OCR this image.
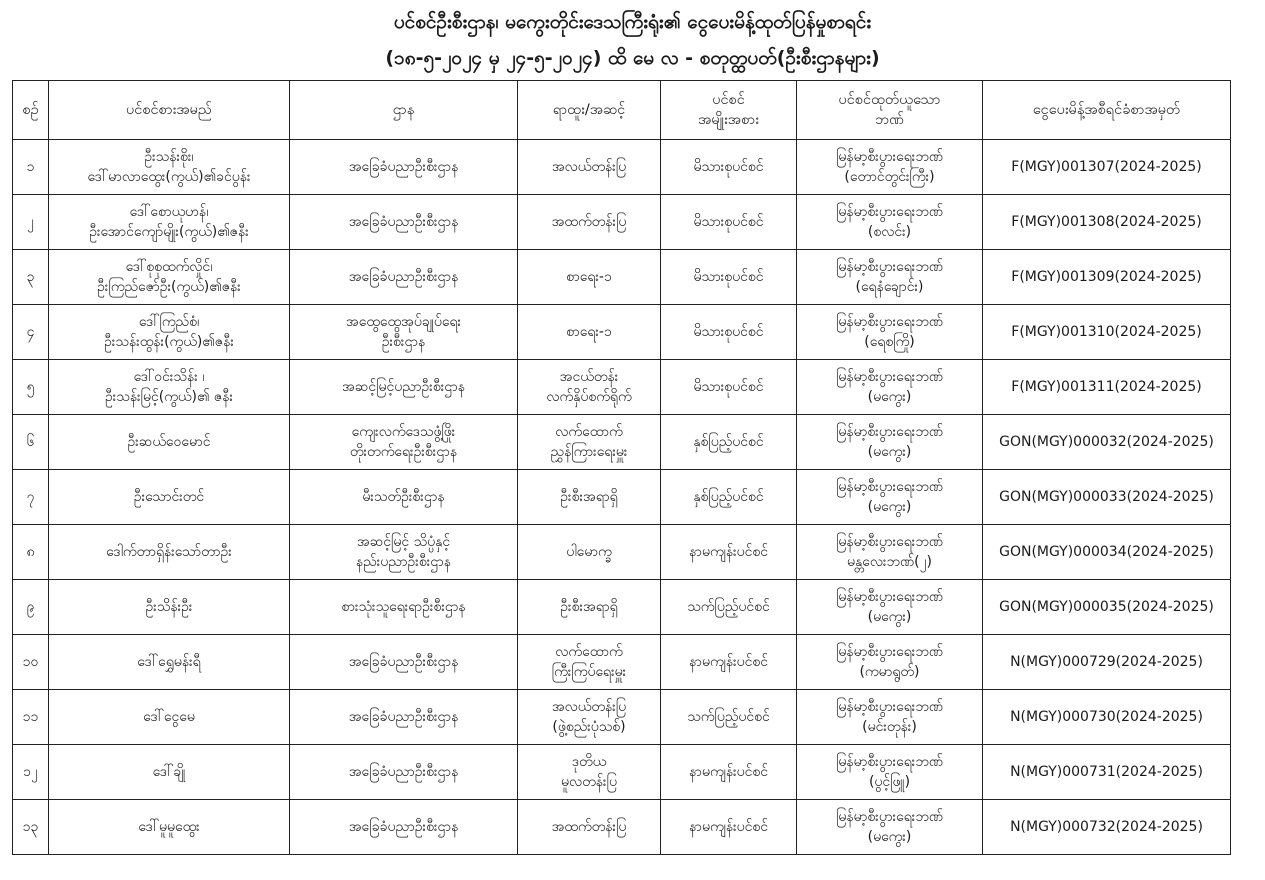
ပင်စင်ဦးစီးဌာန၊ မကွေးတိုင်းဒေသကြီးရုံး၏ ငွေပေးမိန့်ထုတ်ပြန်မှုစာရင်း
(၁၈-၅-၂၀၂၄ မှ ၂၄-၅-၂၀၂၄) ထိ မေ လ - စတုတ္ထပတ်(ဦးစီးဌာနများ)
စဉ်	ပင်စင်စားအမည်	ဌာန	ရာထူး/အဆင့်	ပင်စင်
အမျိုးအစား	ပင်စင်ထုတ်ယူသော
ဘဏ်	ငွေပေးမိန့်အစီရင်ခံစာအမှတ်

၁	ဦးသန်းစိုး၊
ဒေါ်မာလာထွေး(ကွယ်)၏ခင်ပွန်း	အခြေခံပညာဦးစီးဌာန	အလယ်တန်းပြ	မိသားစုပင်စင်	မြန်မာ့စီးပွားရေးဘဏ်
(တောင်တွင်းကြီး)	F(MGY)001307(2024-2025)

၂	ဒေါ်စောယုဟန်၊
ဦးအောင်ကျော်မျိုး(ကွယ်)၏ဇနီး	အခြေခံပညာဦးစီးဌာန	အထက်တန်းပြ	မိသားစုပင်စင်	မြန်မာ့စီးပွားရေးဘဏ်
(စလင်း)	F(MGY)001308(2024-2025)

၃	ဒေါ်စုစုထက်လှိုင်၊
ဦးကြည်ဇော်ဦး(ကွယ်)၏ဇနီး	အခြေခံပညာဦးစီးဌာန	စာရေး-၁	မိသားစုပင်စင်	မြန်မာ့စီးပွားရေးဘဏ်
(ရေနံချောင်း)	F(MGY)001309(2024-2025)

၄	ဒေါ်ကြည်စံ၊
ဦးသန်းထွန်း(ကွယ်)၏ဇနီး	အထွေထွေအုပ်ချုပ်ရေး
ဦးစီးဌာန	စာရေး-၁	မိသားစုပင်စင်	မြန်မာ့စီးပွားရေးဘဏ်
(ရေစကြို)	F(MGY)001310(2024-2025)

၅	ဒေါ်ဝင်းသိန်း ၊
ဦးသန်းမြင့်(ကွယ်)၏ ဇနီး	အဆင့်မြင့်ပညာဦးစီးဌာန	အငယ်တန်း
လက်နှိပ်စက်ရိုက်	မိသားစုပင်စင်	မြန်မာ့စီးပွားရေးဘဏ်
(မကွေး)	F(MGY)001311(2024-2025)

၆	ဦးဆယ်ဝေမောင်	ကျေးလက်ဒေသဖွံ့ဖြိုး
တိုးတက်ရေးဦးစီးဌာန	လက်ထောက်
ညွှန်ကြားရေးမှူး	နှစ်ပြည့်ပင်စင်	မြန်မာ့စီးပွားရေးဘဏ်
(မကွေး)	GON(MGY)000032(2024-2025)

၇	ဦးသောင်းတင်	မီးသတ်ဦးစီးဌာန	ဦးစီးအရာရှိ	နှစ်ပြည့်ပင်စင်	မြန်မာ့စီးပွားရေးဘဏ်
(မကွေး)	GON(MGY)000033(2024-2025)

၈	ဒေါက်တာရှိန်းသော်တာဦး	အဆင့်မြင့် သိပ္ပံနှင့်
နည်းပညာဦးစီးဌာန	ပါမောက္ခ	နာမကျန်းပင်စင်	မြန်မာ့စီးပွားရေးဘဏ်
မန္တလေးဘဏ်(၂)	GON(MGY)000034(2024-2025)

၉	ဦးသိန်းဦး	စားသုံးသူရေးရာဦးစီးဌာန	ဦးစီးအရာရှိ	သက်ပြည့်ပင်စင်	မြန်မာ့စီးပွားရေးဘဏ်
(မကွေး)	GON(MGY)000035(2024-2025)

၁၀	ဒေါ်ရွှေမန်းရီ	အခြေခံပညာဦးစီးဌာန	လက်ထောက်
ကြီးကြပ်ရေးမှူး	နာမကျန်းပင်စင်	မြန်မာ့စီးပွားရေးဘဏ်
(ကမာရွတ်)	N(MGY)000729(2024-2025)

၁၁	ဒေါ်ငွေမေ	အခြေခံပညာဦးစီးဌာန	အလယ်တန်းပြ
(ဖွဲ့စည်းပုံသစ်)	သက်ပြည့်ပင်စင်	မြန်မာ့စီးပွားရေးဘဏ်
(မင်းတုန်း)	N(MGY)000730(2024-2025)

၁၂	ဒေါ်ချို	အခြေခံပညာဦးစီးဌာန	ဒုတိယ
မူလတန်းပြ	နာမကျန်းပင်စင်	မြန်မာ့စီးပွားရေးဘဏ်
(ပွင့်ဖြူ)	N(MGY)000731(2024-2025)

၁၃	ဒေါ်မူမူထွေး	အခြေခံပညာဦးစီးဌာန	အထက်တန်းပြ	နာမကျန်းပင်စင်	မြန်မာ့စီးပွားရေးဘဏ်
(မကွေး)	N(MGY)000732(2024-2025)
